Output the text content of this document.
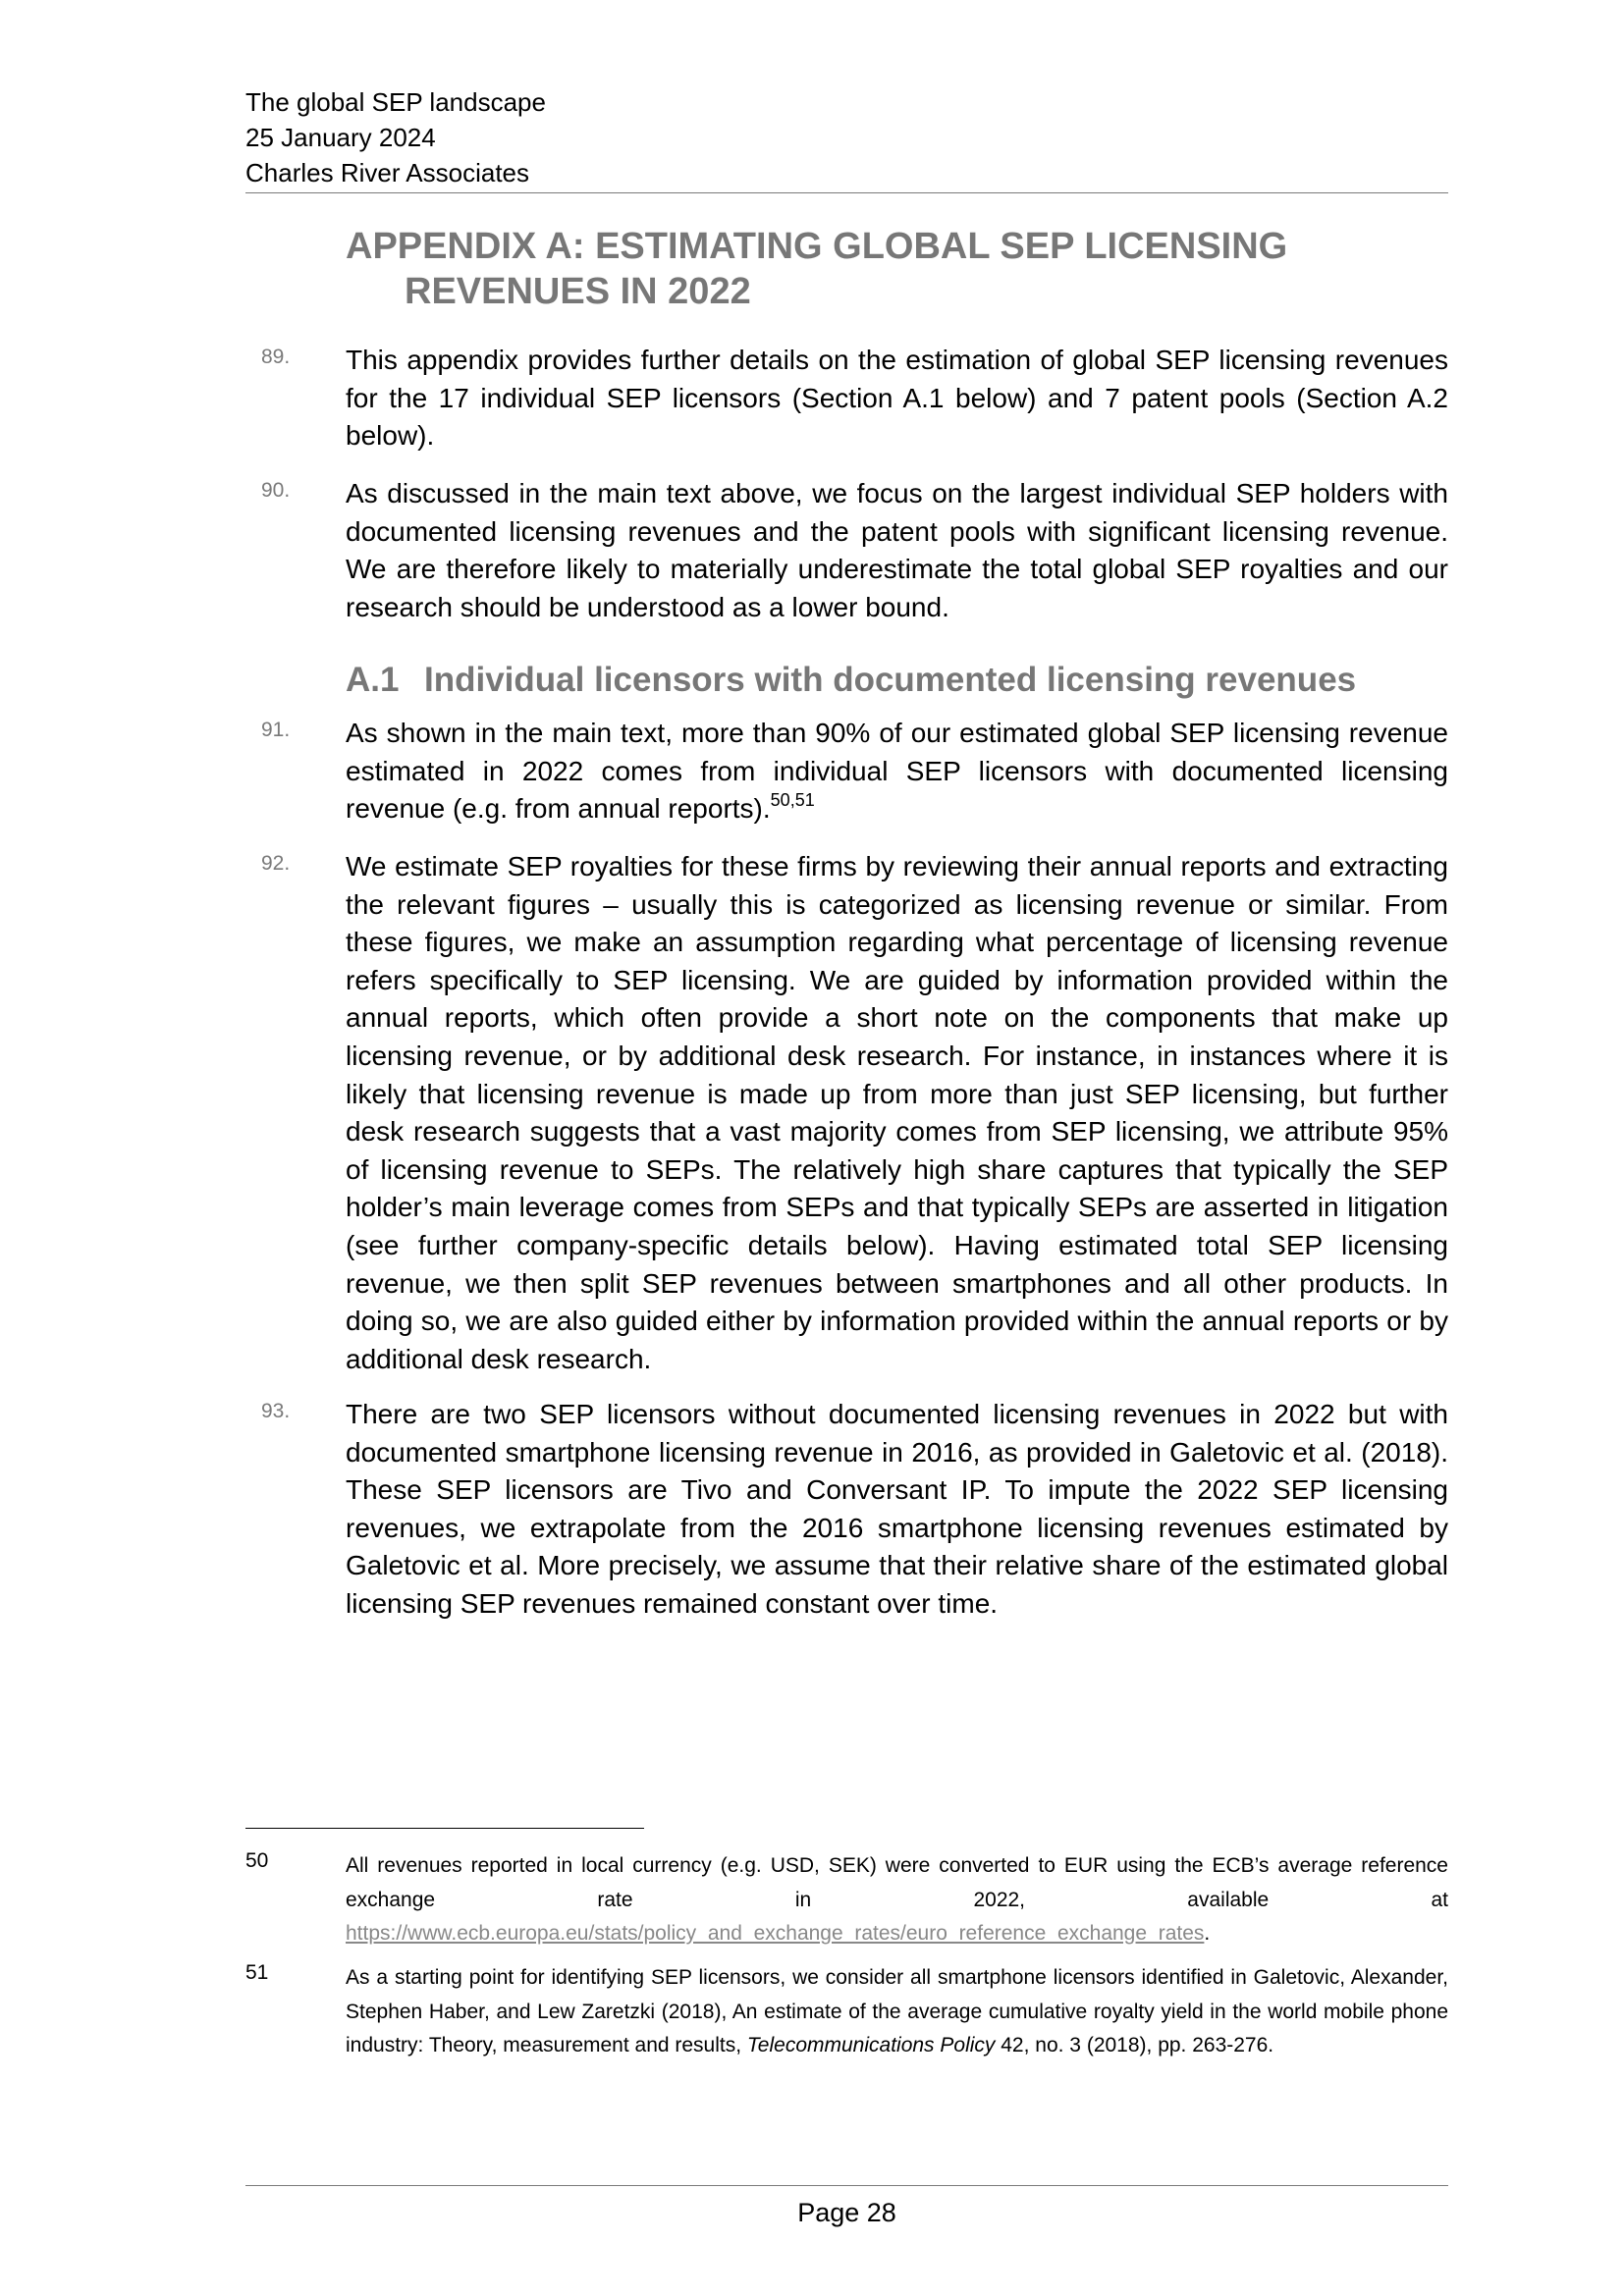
The global SEP landscape
25 January 2024
Charles River Associates
APPENDIX A: ESTIMATING GLOBAL SEP LICENSING
REVENUES IN 2022
89. This appendix provides further details on the estimation of global SEP licensing revenues for the 17 individual SEP licensors (Section A.1 below) and 7 patent pools (Section A.2 below).
90. As discussed in the main text above, we focus on the largest individual SEP holders with documented licensing revenues and the patent pools with significant licensing revenue. We are therefore likely to materially underestimate the total global SEP royalties and our research should be understood as a lower bound.
A.1 Individual licensors with documented licensing revenues
91. As shown in the main text, more than 90% of our estimated global SEP licensing revenue estimated in 2022 comes from individual SEP licensors with documented licensing revenue (e.g. from annual reports).$^{50,51}$
92. We estimate SEP royalties for these firms by reviewing their annual reports and extracting the relevant figures – usually this is categorized as licensing revenue or similar. From these figures, we make an assumption regarding what percentage of licensing revenue refers specifically to SEP licensing. We are guided by information provided within the annual reports, which often provide a short note on the components that make up licensing revenue, or by additional desk research. For instance, in instances where it is likely that licensing revenue is made up from more than just SEP licensing, but further desk research suggests that a vast majority comes from SEP licensing, we attribute 95% of licensing revenue to SEPs. The relatively high share captures that typically the SEP holder’s main leverage comes from SEPs and that typically SEPs are asserted in litigation (see further company-specific details below). Having estimated total SEP licensing revenue, we then split SEP revenues between smartphones and all other products. In doing so, we are also guided either by information provided within the annual reports or by additional desk research.
93. There are two SEP licensors without documented licensing revenues in 2022 but with documented smartphone licensing revenue in 2016, as provided in Galetovic et al. (2018). These SEP licensors are Tivo and Conversant IP. To impute the 2022 SEP licensing revenues, we extrapolate from the 2016 smartphone licensing revenues estimated by Galetovic et al. More precisely, we assume that their relative share of the estimated global licensing SEP revenues remained constant over time.
50	All revenues reported in local currency (e.g. USD, SEK) were converted to EUR using the ECB’s average reference exchange rate in 2022, available at https://www.ecb.europa.eu/stats/policy_and_exchange_rates/euro_reference_exchange_rates.
51	As a starting point for identifying SEP licensors, we consider all smartphone licensors identified in Galetovic, Alexander, Stephen Haber, and Lew Zaretzki (2018), An estimate of the average cumulative royalty yield in the world mobile phone industry: Theory, measurement and results, Telecommunications Policy 42, no. 3 (2018), pp. 263-276.
Page 28
